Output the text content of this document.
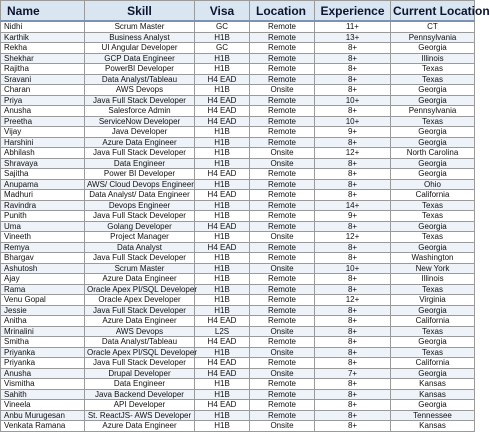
Name	Skill	Visa	Location	Experience	Current Location
Nidhi	Scrum Master	GC	Remote	11+	CT
Karthik	Business Analyst	H1B	Remote	13+	Pennsylvania
Rekha	UI Angular Developer	GC	Remote	8+	Georgia
Shekhar	GCP Data Engineer	H1B	Remote	8+	Illinois
Rajitha	PowerBI Developer	H1B	Remote	8+	Texas
Sravani	Data Analyst/Tableau	H4 EAD	Remote	8+	Texas
Charan	AWS Devops	H1B	Onsite	8+	Georgia
Priya	Java Full Stack Developer	H4 EAD	Remote	10+	Georgia
Anusha	Salesforce Admin	H4 EAD	Remote	8+	Pennsylvania
Preetha	ServiceNow Developer	H4 EAD	Remote	10+	Texas
Vijay	Java Developer	H1B	Remote	9+	Georgia
Harshini	Azure Data Engineer	H1B	Remote	8+	Georgia
Abhilash	Java Full Stack Developer	H1B	Onsite	12+	North Carolina
Shravaya	Data Engineer	H1B	Onsite	8+	Georgia
Sajitha	Power BI Developer	H4 EAD	Remote	8+	Georgia
Anupama	AWS/ Cloud Devops Engineer	H1B	Remote	8+	Ohio
Madhuri	Data Analyst/ Data Engineer	H4 EAD	Remote	8+	California
Ravindra	Devops Engineer	H1B	Remote	14+	Texas
Punith	Java Full Stack Developer	H1B	Remote	9+	Texas
Uma	Golang Developer	H4 EAD	Remote	8+	Georgia
Vineeth	Project Manager	H1B	Onsite	12+	Texas
Remya	Data Analyst	H4 EAD	Remote	8+	Georgia
Bhargav	Java Full Stack Developer	H1B	Remote	8+	Washington
Ashutosh	Scrum Master	H1B	Onsite	10+	New York
Ajay	Azure Data Engineer	H1B	Remote	8+	Illinois
Rama	Oracle Apex PI/SQL Developer	H1B	Remote	8+	Texas
Venu Gopal	Oracle Apex Developer	H1B	Remote	12+	Virginia
Jessie	Java Full Stack Developer	H1B	Remote	8+	Georgia
Anitha	Azure Data Engineer	H4 EAD	Remote	8+	California
Mrinalini	AWS Devops	L2S	Onsite	8+	Texas
Smitha	Data Analyst/Tableau	H4 EAD	Remote	8+	Georgia
Priyanka	Oracle Apex PI/SQL Developer	H1B	Onsite	8+	Texas
Priyanka	Java Full Stack Developer	H4 EAD	Remote	8+	California
Anusha	Drupal Developer	H4 EAD	Onsite	7+	Georgia
Vismitha	Data Engineer	H1B	Remote	8+	Kansas
Sahith	Java Backend Developer	H1B	Remote	8+	Kansas
Vineela	API Developer	H4 EAD	Remote	8+	Georgia
Anbu Murugesan	St. ReactJS- AWS Developer	H1B	Remote	8+	Tennessee
Venkata Ramana	Azure Data Engineer	H1B	Onsite	8+	Kansas
